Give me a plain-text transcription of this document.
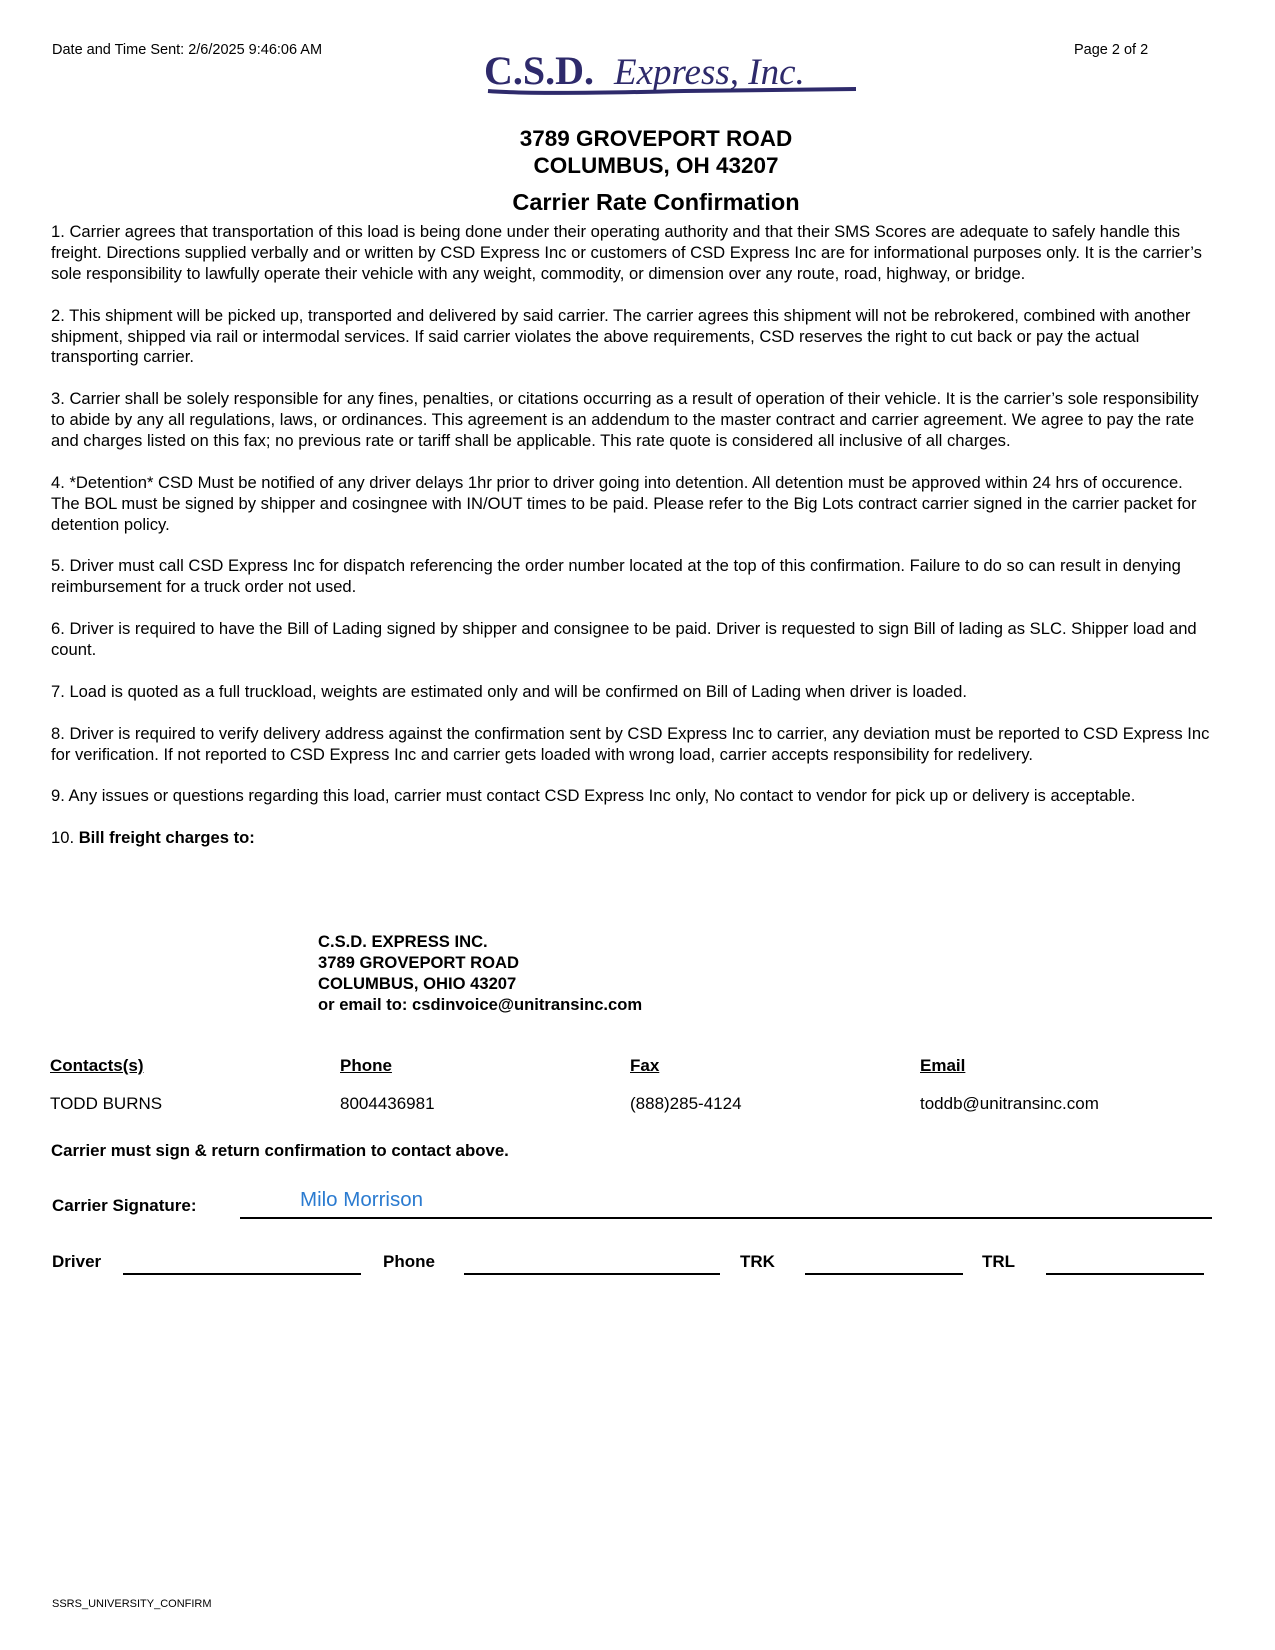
Date and Time Sent: 2/6/2025 9:46:06 AM	Page 2 of 2
C.S.D. Express, Inc.
3789 GROVEPORT ROAD
COLUMBUS, OH 43207
Carrier Rate Confirmation

1. Carrier agrees that transportation of this load is being done under their operating authority and that their SMS Scores are adequate to safely handle this freight. Directions supplied verbally and or written by CSD Express Inc or customers of CSD Express Inc are for informational purposes only. It is the carrier’s sole responsibility to lawfully operate their vehicle with any weight, commodity, or dimension over any route, road, highway, or bridge.

2. This shipment will be picked up, transported and delivered by said carrier. The carrier agrees this shipment will not be rebrokered, combined with another shipment, shipped via rail or intermodal services. If said carrier violates the above requirements, CSD reserves the right to cut back or pay the actual transporting carrier.

3. Carrier shall be solely responsible for any fines, penalties, or citations occurring as a result of operation of their vehicle. It is the carrier’s sole responsibility to abide by any all regulations, laws, or ordinances. This agreement is an addendum to the master contract and carrier agreement. We agree to pay the rate and charges listed on this fax; no previous rate or tariff shall be applicable. This rate quote is considered all inclusive of all charges.

4. *Detention* CSD Must be notified of any driver delays 1hr prior to driver going into detention. All detention must be approved within 24 hrs of occurence. The BOL must be signed by shipper and cosingnee with IN/OUT times to be paid. Please refer to the Big Lots contract carrier signed in the carrier packet for detention policy.

5. Driver must call CSD Express Inc for dispatch referencing the order number located at the top of this confirmation. Failure to do so can result in denying reimbursement for a truck order not used.

6. Driver is required to have the Bill of Lading signed by shipper and consignee to be paid. Driver is requested to sign Bill of lading as SLC. Shipper load and count.

7. Load is quoted as a full truckload, weights are estimated only and will be confirmed on Bill of Lading when driver is loaded.

8. Driver is required to verify delivery address against the confirmation sent by CSD Express Inc to carrier, any deviation must be reported to CSD Express Inc for verification. If not reported to CSD Express Inc and carrier gets loaded with wrong load, carrier accepts responsibility for redelivery.

9. Any issues or questions regarding this load, carrier must contact CSD Express Inc only, No contact to vendor for pick up or delivery is acceptable.

10. Bill freight charges to:

C.S.D. EXPRESS INC.
3789 GROVEPORT ROAD
COLUMBUS, OHIO 43207
or email to: csdinvoice@unitransinc.com
Contacts(s)	Phone	Fax	Email
TODD BURNS	8004436981	(888)285-4124	toddb@unitransinc.com
Carrier must sign & return confirmation to contact above.
Carrier Signature:	Milo Morrison
Driver	Phone	TRK	TRL
SSRS_UNIVERSITY_CONFIRM
